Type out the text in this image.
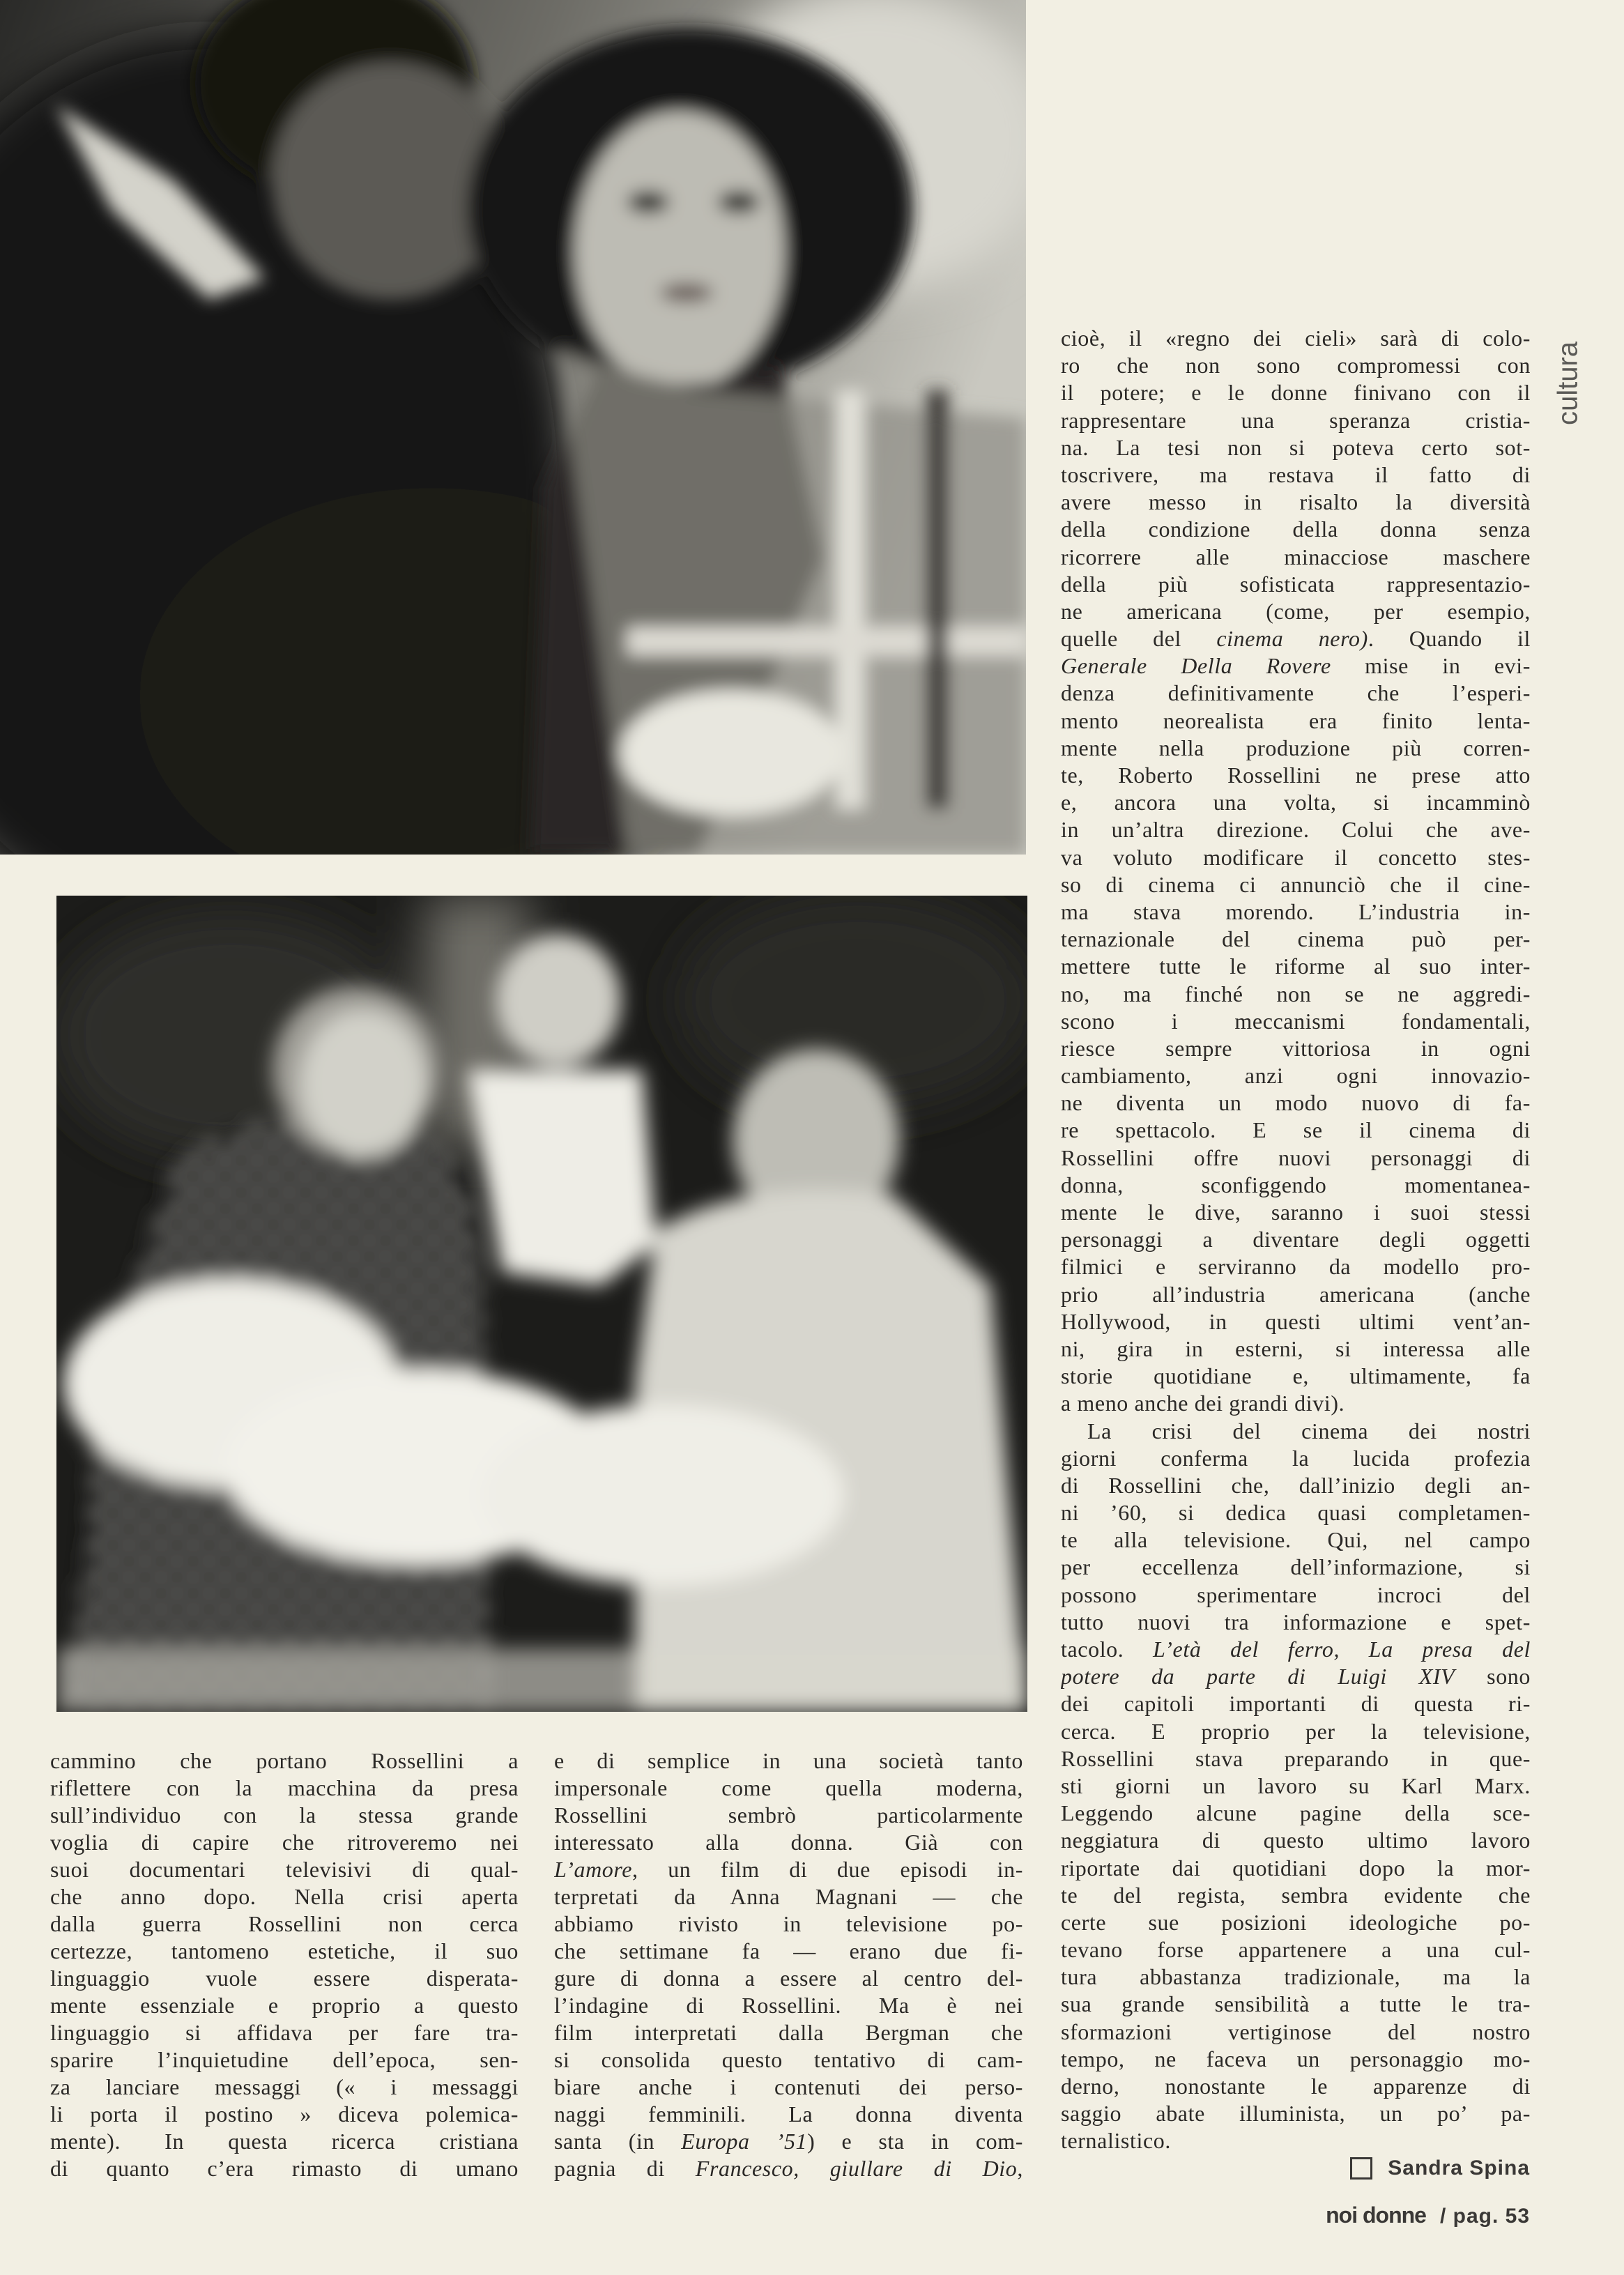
cultura
cammino che portano Rossellini a
riflettere con la macchina da presa
sull’individuo con la stessa grande
voglia di capire che ritroveremo nei
suoi documentari televisivi di qual-
che anno dopo. Nella crisi aperta
dalla guerra Rossellini non cerca
certezze, tantomeno estetiche, il suo
linguaggio vuole essere disperata-
mente essenziale e proprio a questo
linguaggio si affidava per fare tra-
sparire l’inquietudine dell’epoca, sen-
za lanciare messaggi (« i messaggi
li porta il postino » diceva polemica-
mente). In questa ricerca cristiana
di quanto c’era rimasto di umano
e di semplice in una società tanto
impersonale come quella moderna,
Rossellini sembrò particolarmente
interessato alla donna. Già con
L’amore, un film di due episodi in-
terpretati da Anna Magnani — che
abbiamo rivisto in televisione po-
che settimane fa — erano due fi-
gure di donna a essere al centro del-
l’indagine di Rossellini. Ma è nei
film interpretati dalla Bergman che
si consolida questo tentativo di cam-
biare anche i contenuti dei perso-
naggi femminili. La donna diventa
santa (in Europa ’51) e sta in com-
pagnia di Francesco, giullare di Dio,
cioè, il «regno dei cieli» sarà di colo-
ro che non sono compromessi con
il potere; e le donne finivano con il
rappresentare una speranza cristia-
na. La tesi non si poteva certo sot-
toscrivere, ma restava il fatto di
avere messo in risalto la diversità
della condizione della donna senza
ricorrere alle minacciose maschere
della più sofisticata rappresentazio-
ne americana (come, per esempio,
quelle del cinema nero). Quando il
Generale Della Rovere mise in evi-
denza definitivamente che l’esperi-
mento neorealista era finito lenta-
mente nella produzione più corren-
te, Roberto Rossellini ne prese atto
e, ancora una volta, si incamminò
in un’altra direzione. Colui che ave-
va voluto modificare il concetto stes-
so di cinema ci annunciò che il cine-
ma stava morendo. L’industria in-
ternazionale del cinema può per-
mettere tutte le riforme al suo inter-
no, ma finché non se ne aggredi-
scono i meccanismi fondamentali,
riesce sempre vittoriosa in ogni
cambiamento, anzi ogni innovazio-
ne diventa un modo nuovo di fa-
re spettacolo. E se il cinema di
Rossellini offre nuovi personaggi di
donna, sconfiggendo momentanea-
mente le dive, saranno i suoi stessi
personaggi a diventare degli oggetti
filmici e serviranno da modello pro-
prio all’industria americana (anche
Hollywood, in questi ultimi vent’an-
ni, gira in esterni, si interessa alle
storie quotidiane e, ultimamente, fa
a meno anche dei grandi divi).
La crisi del cinema dei nostri
giorni conferma la lucida profezia
di Rossellini che, dall’inizio degli an-
ni ’60, si dedica quasi completamen-
te alla televisione. Qui, nel campo
per eccellenza dell’informazione, si
possono sperimentare incroci del
tutto nuovi tra informazione e spet-
tacolo. L’età del ferro, La presa del
potere da parte di Luigi XIV sono
dei capitoli importanti di questa ri-
cerca. E proprio per la televisione,
Rossellini stava preparando in que-
sti giorni un lavoro su Karl Marx.
Leggendo alcune pagine della sce-
neggiatura di questo ultimo lavoro
riportate dai quotidiani dopo la mor-
te del regista, sembra evidente che
certe sue posizioni ideologiche po-
tevano forse appartenere a una cul-
tura abbastanza tradizionale, ma la
sua grande sensibilità a tutte le tra-
sformazioni vertiginose del nostro
tempo, ne faceva un personaggio mo-
derno, nonostante le apparenze di
saggio abate illuminista, un po’ pa-
ternalistico.
Sandra Spina
noi donne / pag. 53
